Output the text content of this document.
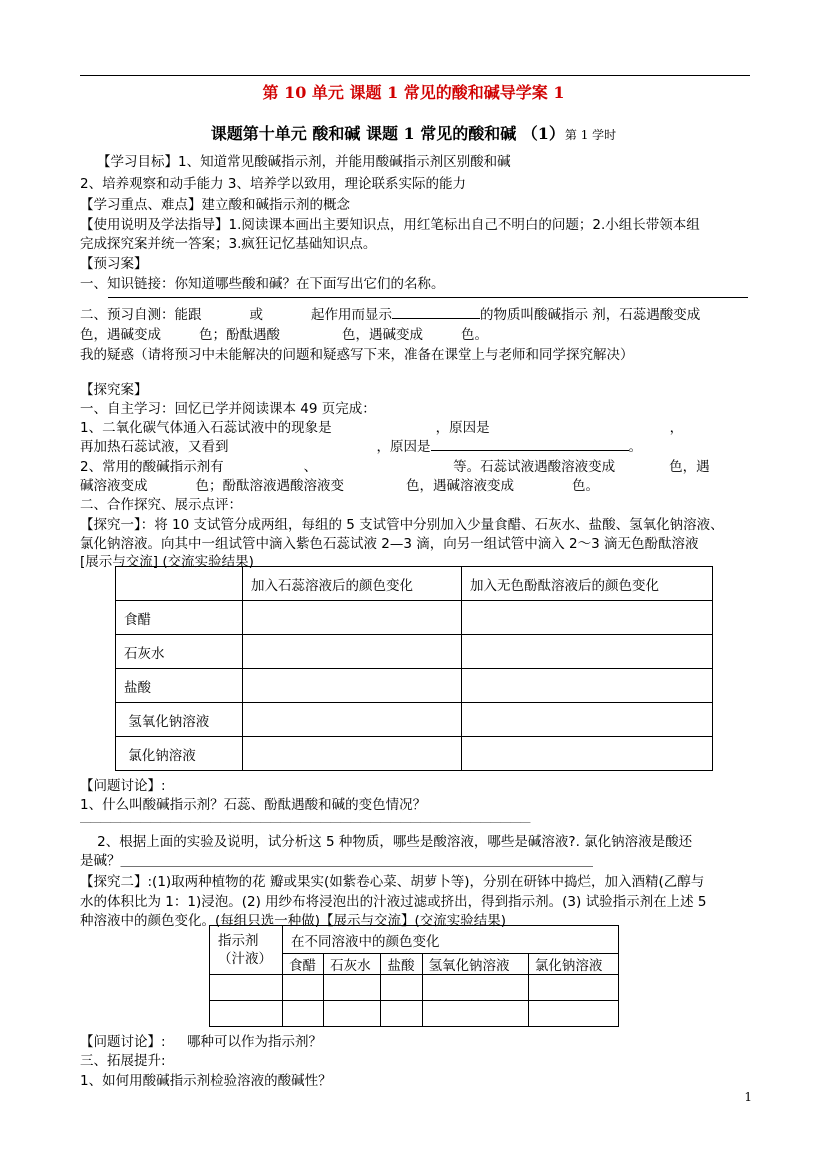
第 10 单元 课题 1 常见的酸和碱导学案 1
课题第十单元 酸和碱 课题 1 常见的酸和碱 （1）第 1 学时
【学习目标】1、知道常见酸碱指示剂，并能用酸碱指示剂区别酸和碱
2、培养观察和动手能力 3、培养学以致用，理论联系实际的能力
【学习重点、难点】建立酸和碱指示剂的概念
【使用说明及学法指导】1.阅读课本画出主要知识点，用红笔标出自己不明白的问题；2.小组长带领本组
完成探究案并统一答案；3.疯狂记忆基础知识点。
【预习案】
一、知识链接：你知道哪些酸和碱？在下面写出它们的名称。
二、预习自测：能跟	或	起作用而显示	的物质叫酸碱指示 剂，石蕊遇酸变成
色，遇碱变成	色；酚酞遇酸	色，遇碱变成	色。
我的疑惑（请将预习中未能解决的问题和疑惑写下来，准备在课堂上与老师和同学探究解决）
【探究案】
一、自主学习：回忆已学并阅读课本 49 页完成：
1、二氧化碳气体通入石蕊试液中的现象是	，原因是	，
再加热石蕊试液，又看到	，原因是	。
2、常用的酸碱指示剂有	、	等。石蕊试液遇酸溶液变成	色，遇
碱溶液变成	色；酚酞溶液遇酸溶液变	色，遇碱溶液变成	色。
二、合作探究、展示点评：
【探究一】：将 10 支试管分成两组，每组的 5 支试管中分别加入少量食醋、石灰水、盐酸、氢氧化钠溶液、
氯化钠溶液。向其中一组试管中滴入紫色石蕊试液 2—3 滴，向另一组试管中滴入 2～3 滴无色酚酞溶液
[展示与交流] (交流实验结果)
	加入石蕊溶液后的颜色变化	加入无色酚酞溶液后的颜色变化
食醋		
石灰水		
盐酸		
氢氧化钠溶液		
氯化钠溶液		
【问题讨论】:
1、什么叫酸碱指示剂？石蕊、酚酞遇酸和碱的变色情况？
＿＿＿＿＿＿＿＿＿＿＿＿＿＿＿＿＿＿＿＿＿＿＿＿＿＿＿＿＿＿＿＿＿＿＿＿＿＿＿＿＿＿＿＿＿
2、根据上面的实验及说明，试分析这 5 种物质，哪些是酸溶液，哪些是碱溶液?. 氯化钠溶液是酸还
是碱？＿＿＿＿＿＿＿＿＿＿＿＿＿＿＿＿＿＿＿＿＿＿＿＿＿＿＿＿＿＿＿＿＿＿＿
【探究二】:(1)取两种植物的花 瓣或果实(如紫卷心菜、胡萝卜等)，分别在研钵中捣烂，加入酒精(乙醇与
水的体积比为 1：1)浸泡。(2) 用纱布将浸泡出的汁液过滤或挤出，得到指示剂。(3) 试验指示剂在上述 5
种溶液中的颜色变化。(每组只选一种做)【展示与交流】(交流实验结果)
指示剂
（汁液）	在不同溶液中的颜色变化				
	食醋	石灰水	盐酸	氢氧化钠溶液	氯化钠溶液

【问题讨论】:     哪种可以作为指示剂？
三、拓展提升:
1、如何用酸碱指示剂检验溶液的酸碱性？
1
